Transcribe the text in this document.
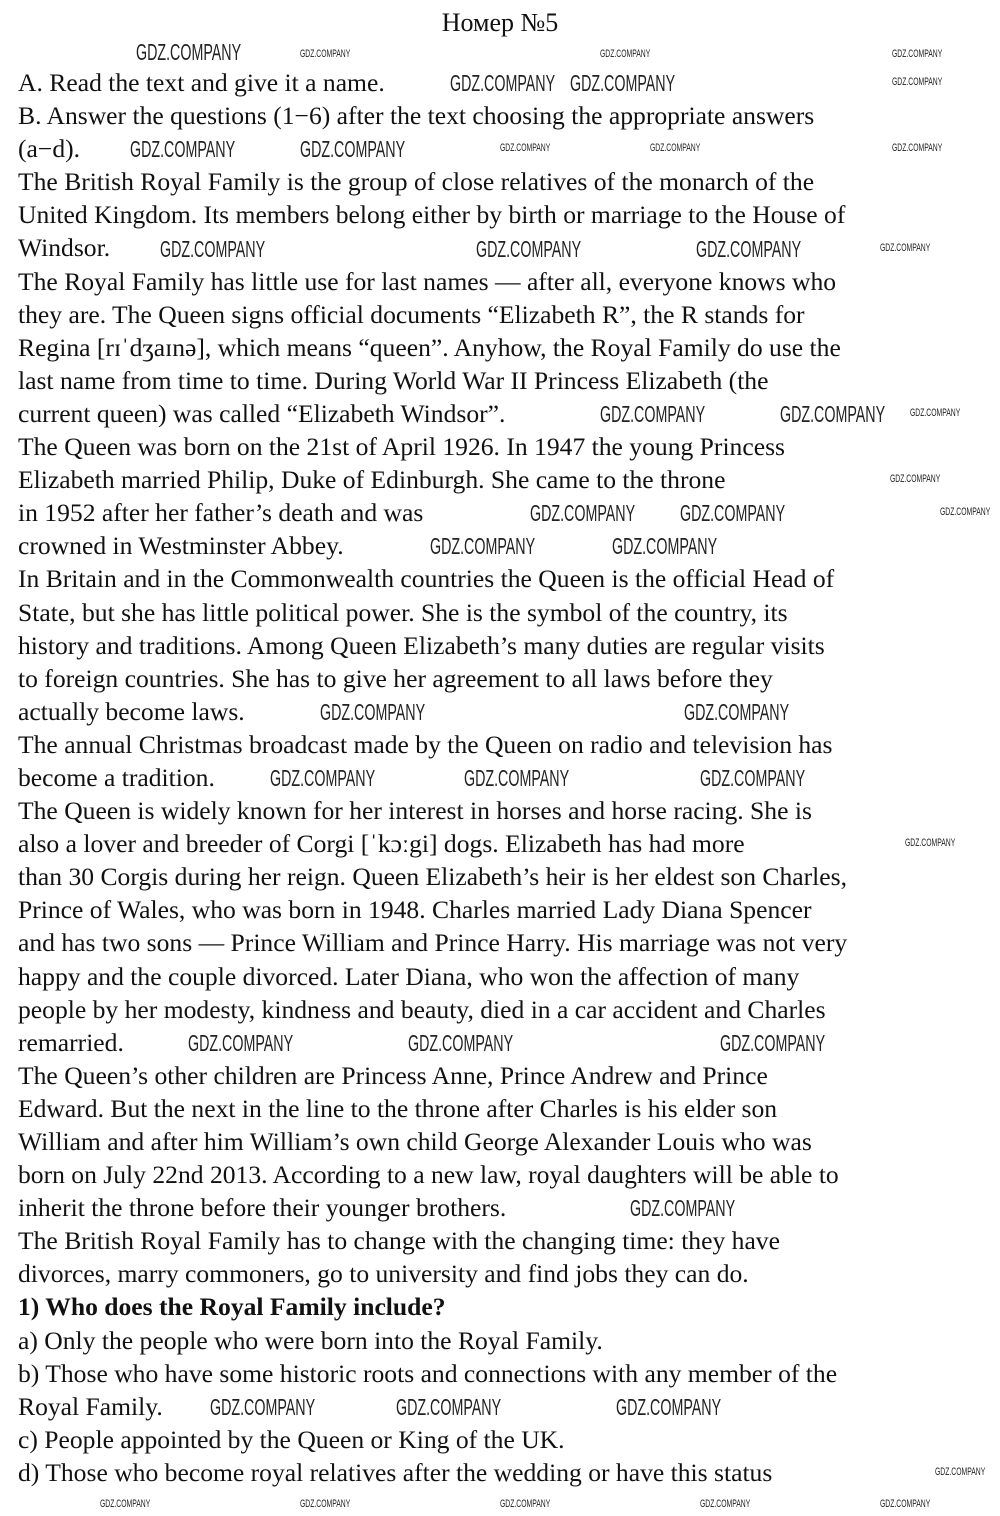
Номер №5
A. Read the text and give it a name.
B. Answer the questions (1−6) after the text choosing the appropriate answers
(a−d).
The British Royal Family is the group of close relatives of the monarch of the
United Kingdom. Its members belong either by birth or marriage to the House of
Windsor.
The Royal Family has little use for last names — after all, everyone knows who
they are. The Queen signs official documents “Elizabeth R”, the R stands for
Regina [rɪˈdʒaɪnə], which means “queen”. Anyhow, the Royal Family do use the
last name from time to time. During World War II Princess Elizabeth (the
current queen) was called “Elizabeth Windsor”.
The Queen was born on the 21st of April 1926. In 1947 the young Princess
Elizabeth married Philip, Duke of Edinburgh. She came to the throne
in 1952 after her father’s death and was
crowned in Westminster Abbey.
In Britain and in the Commonwealth countries the Queen is the official Head of
State, but she has little political power. She is the symbol of the country, its
history and traditions. Among Queen Elizabeth’s many duties are regular visits
to foreign countries. She has to give her agreement to all laws before they
actually become laws.
The annual Christmas broadcast made by the Queen on radio and television has
become a tradition.
The Queen is widely known for her interest in horses and horse racing. She is
also a lover and breeder of Corgi [ˈkɔːgi] dogs. Elizabeth has had more
than 30 Corgis during her reign. Queen Elizabeth’s heir is her eldest son Charles,
Prince of Wales, who was born in 1948. Charles married Lady Diana Spencer
and has two sons — Prince William and Prince Harry. His marriage was not very
happy and the couple divorced. Later Diana, who won the affection of many
people by her modesty, kindness and beauty, died in a car accident and Charles
remarried.
The Queen’s other children are Princess Anne, Prince Andrew and Prince
Edward. But the next in the line to the throne after Charles is his elder son
William and after him William’s own child George Alexander Louis who was
born on July 22nd 2013. According to a new law, royal daughters will be able to
inherit the throne before their younger brothers.
The British Royal Family has to change with the changing time: they have
divorces, marry commoners, go to university and find jobs they can do.
1) Who does the Royal Family include?
a) Only the people who were born into the Royal Family.
b) Those who have some historic roots and connections with any member of the
Royal Family.
c) People appointed by the Queen or King of the UK.
d) Those who become royal relatives after the wedding or have this status
GDZ.COMPANY	GDZ.COMPANY	GDZ.COMPANY	GDZ.COMPANY
GDZ.COMPANY GDZ.COMPANY	GDZ.COMPANY
GDZ.COMPANY	GDZ.COMPANY	GDZ.COMPANY	GDZ.COMPANY	GDZ.COMPANY
GDZ.COMPANY	GDZ.COMPANY	GDZ.COMPANY	GDZ.COMPANY
GDZ.COMPANY	GDZ.COMPANY GDZ.COMPANY
GDZ.COMPANY
GDZ.COMPANY GDZ.COMPANY	GDZ.COMPANY
GDZ.COMPANY	GDZ.COMPANY
GDZ.COMPANY	GDZ.COMPANY
GDZ.COMPANY	GDZ.COMPANY	GDZ.COMPANY
GDZ.COMPANY
GDZ.COMPANY	GDZ.COMPANY	GDZ.COMPANY
GDZ.COMPANY
GDZ.COMPANY	GDZ.COMPANY	GDZ.COMPANY
GDZ.COMPANY
GDZ.COMPANY	GDZ.COMPANY	GDZ.COMPANY	GDZ.COMPANY	GDZ.COMPANY
